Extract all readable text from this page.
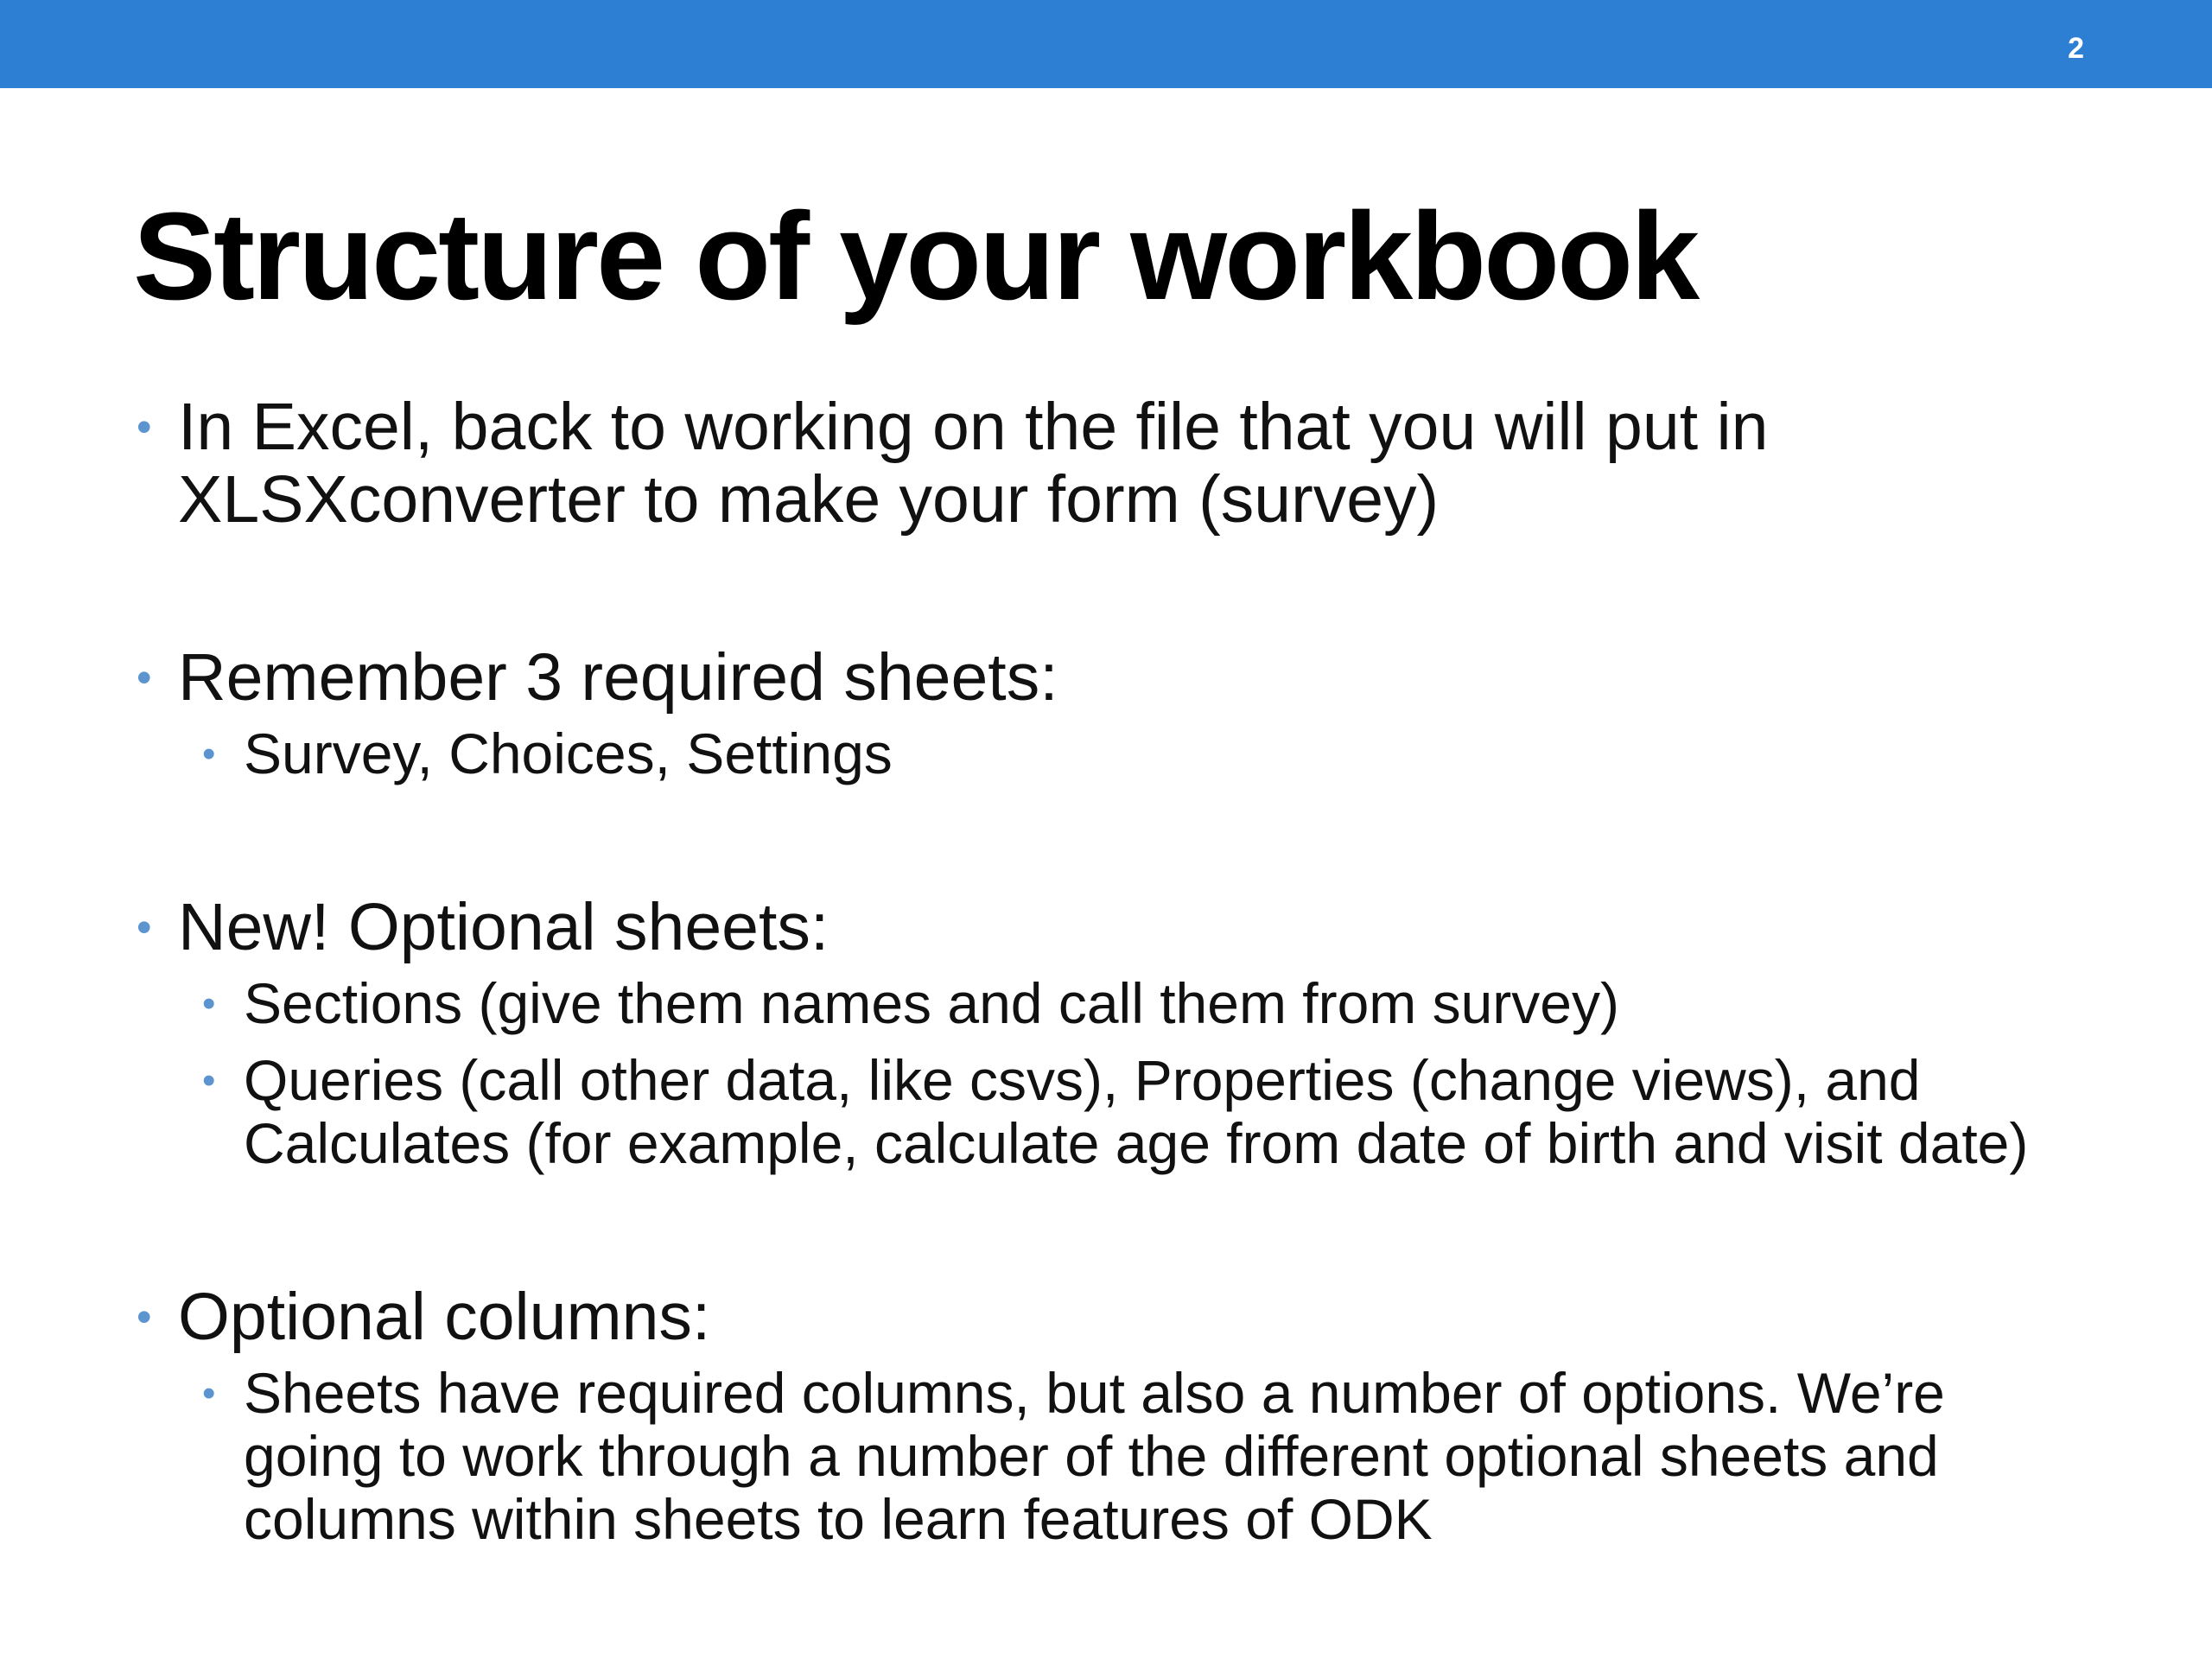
2
Structure of your workbook
• In Excel, back to working on the file that you will put in XLSXconverter to make your form (survey)
• Remember 3 required sheets:
• Survey, Choices, Settings
• New! Optional sheets:
• Sections (give them names and call them from survey)
• Queries (call other data, like csvs), Properties (change views), and Calculates (for example, calculate age from date of birth and visit date)
• Optional columns:
• Sheets have required columns, but also a number of options. We’re going to work through a number of the different optional sheets and columns within sheets to learn features of ODK
